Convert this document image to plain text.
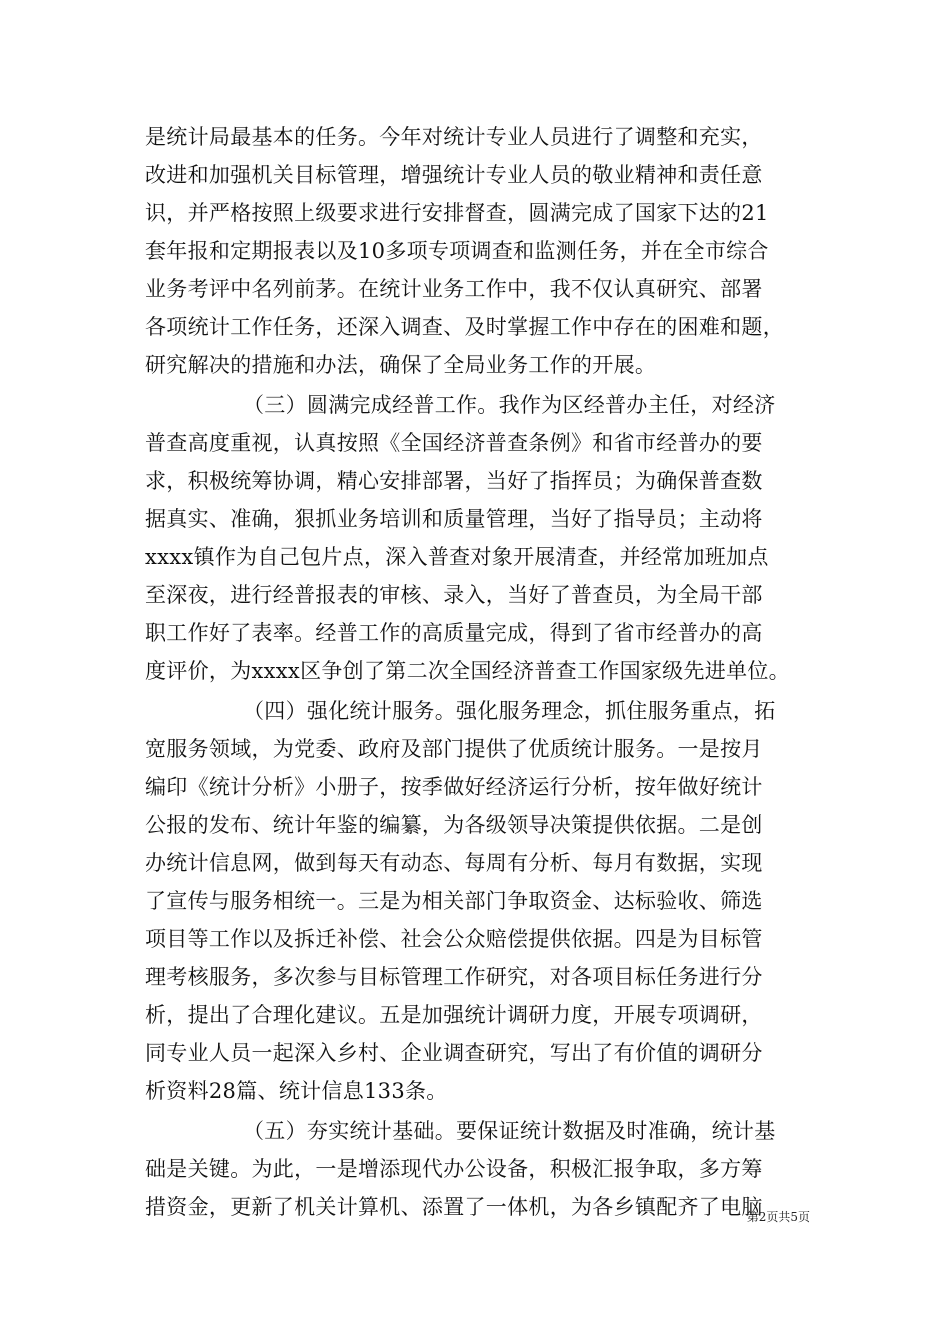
是统计局最基本的任务。今年对统计专业人员进行了调整和充实，
改进和加强机关目标管理，增强统计专业人员的敬业精神和责任意
识，并严格按照上级要求进行安排督查，圆满完成了国家下达的21
套年报和定期报表以及10多项专项调查和监测任务，并在全市综合
业务考评中名列前茅。在统计业务工作中，我不仅认真研究、部署
各项统计工作任务，还深入调查、及时掌握工作中存在的困难和题，
研究解决的措施和办法，确保了全局业务工作的开展。
（三）圆满完成经普工作。我作为区经普办主任，对经济
普查高度重视，认真按照《全国经济普查条例》和省市经普办的要
求，积极统筹协调，精心安排部署，当好了指挥员；为确保普查数
据真实、准确，狠抓业务培训和质量管理，当好了指导员；主动将
xxxx镇作为自己包片点，深入普查对象开展清查，并经常加班加点
至深夜，进行经普报表的审核、录入，当好了普查员，为全局干部
职工作好了表率。经普工作的高质量完成，得到了省市经普办的高
度评价，为xxxx区争创了第二次全国经济普查工作国家级先进单位。
（四）强化统计服务。强化服务理念，抓住服务重点，拓
宽服务领域，为党委、政府及部门提供了优质统计服务。一是按月
编印《统计分析》小册子，按季做好经济运行分析，按年做好统计
公报的发布、统计年鉴的编纂，为各级领导决策提供依据。二是创
办统计信息网，做到每天有动态、每周有分析、每月有数据，实现
了宣传与服务相统一。三是为相关部门争取资金、达标验收、筛选
项目等工作以及拆迁补偿、社会公众赔偿提供依据。四是为目标管
理考核服务，多次参与目标管理工作研究，对各项目标任务进行分
析，提出了合理化建议。五是加强统计调研力度，开展专项调研，
同专业人员一起深入乡村、企业调查研究，写出了有价值的调研分
析资料28篇、统计信息133条。
（五）夯实统计基础。要保证统计数据及时准确，统计基
础是关键。为此，一是增添现代办公设备，积极汇报争取，多方筹
措资金，更新了机关计算机、添置了一体机，为各乡镇配齐了电脑
第2页共5页
